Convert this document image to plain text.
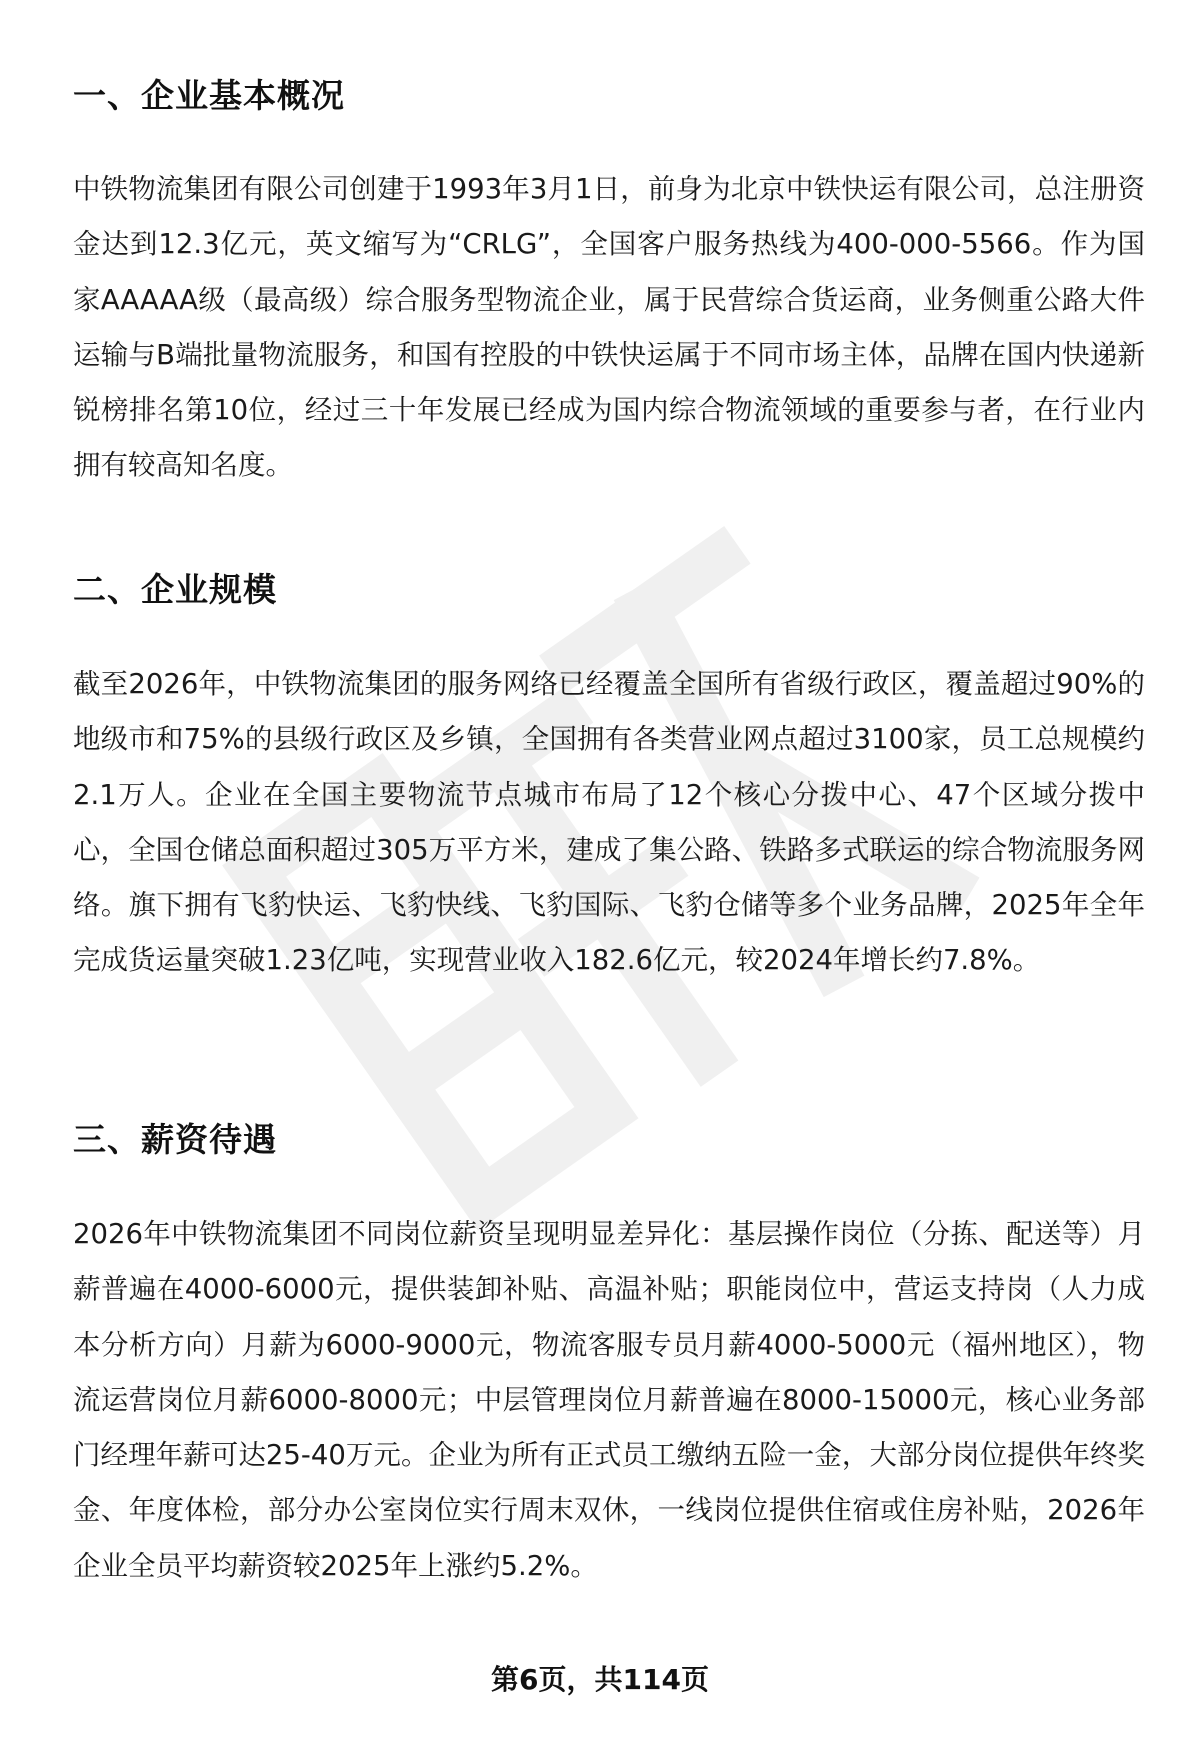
一、企业基本概况

中铁物流集团有限公司创建于1993年3月1日，前身为北京中铁快运有限公司，总注册资金达到12.3亿元，英文缩写为“CRLG”，全国客户服务热线为400-000-5566。作为国家AAAAA级（最高级）综合服务型物流企业，属于民营综合货运商，业务侧重公路大件运输与B端批量物流服务，和国有控股的中铁快运属于不同市场主体，品牌在国内快递新锐榜排名第10位，经过三十年发展已经成为国内综合物流领域的重要参与者，在行业内拥有较高知名度。

二、企业规模

截至2026年，中铁物流集团的服务网络已经覆盖全国所有省级行政区，覆盖超过90%的地级市和75%的县级行政区及乡镇，全国拥有各类营业网点超过3100家，员工总规模约2.1万人。企业在全国主要物流节点城市布局了12个核心分拨中心、47个区域分拨中心，全国仓储总面积超过305万平方米，建成了集公路、铁路多式联运的综合物流服务网络。旗下拥有飞豹快运、飞豹快线、飞豹国际、飞豹仓储等多个业务品牌，2025年全年完成货运量突破1.23亿吨，实现营业收入182.6亿元，较2024年增长约7.8%。

三、薪资待遇

2026年中铁物流集团不同岗位薪资呈现明显差异化：基层操作岗位（分拣、配送等）月薪普遍在4000-6000元，提供装卸补贴、高温补贴；职能岗位中，营运支持岗（人力成本分析方向）月薪为6000-9000元，物流客服专员月薪4000-5000元（福州地区），物流运营岗位月薪6000-8000元；中层管理岗位月薪普遍在8000-15000元，核心业务部门经理年薪可达25-40万元。企业为所有正式员工缴纳五险一金，大部分岗位提供年终奖金、年度体检，部分办公室岗位实行周末双休，一线岗位提供住宿或住房补贴，2026年企业全员平均薪资较2025年上涨约5.2%。

第6页，共114页
